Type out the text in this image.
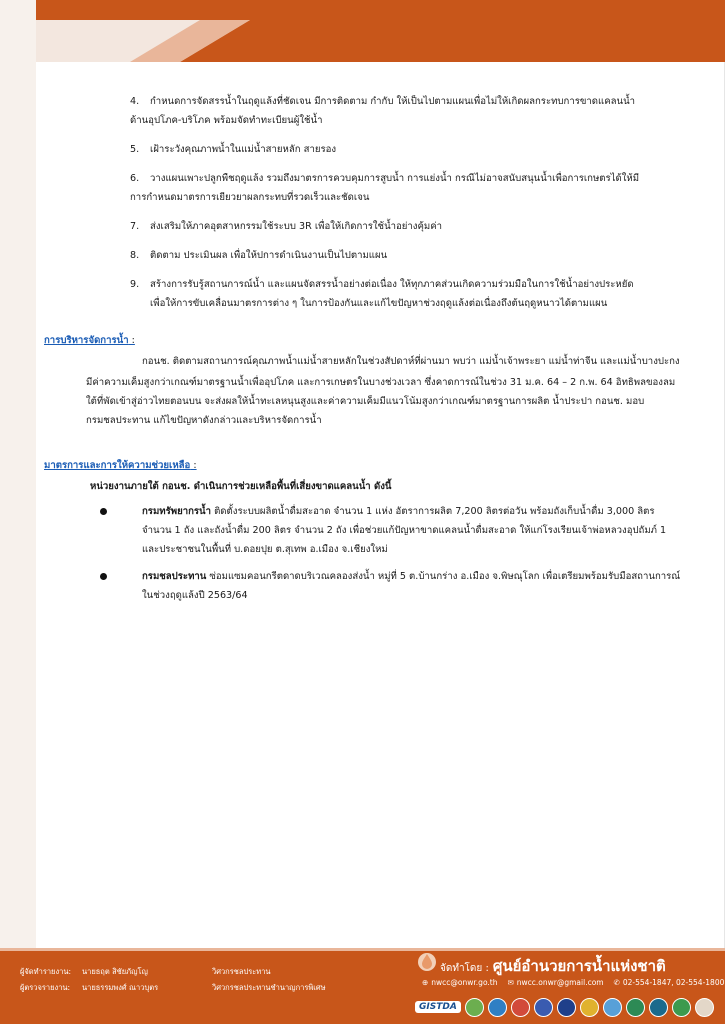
4. กำหนดการจัดสรรน้ำในฤดูแล้งที่ชัดเจน มีการติดตาม กำกับ ให้เป็นไปตามแผนเพื่อไม่ให้เกิดผลกระทบการขาดแคลนน้ำ
ด้านอุปโภค-บริโภค พร้อมจัดทำทะเบียนผู้ใช้น้ำ
5. เฝ้าระวังคุณภาพน้ำในแม่น้ำสายหลัก สายรอง
6. วางแผนเพาะปลูกพืชฤดูแล้ง รวมถึงมาตรการควบคุมการสูบน้ำ การแย่งน้ำ กรณีไม่อาจสนับสนุนน้ำเพื่อการเกษตรได้ให้มี
การกำหนดมาตรการเยียวยาผลกระทบที่รวดเร็วและชัดเจน
7. ส่งเสริมให้ภาคอุตสาหกรรมใช้ระบบ 3R เพื่อให้เกิดการใช้น้ำอย่างคุ้มค่า
8. ติดตาม ประเมินผล เพื่อให้ปการดำเนินงานเป็นไปตามแผน
9. สร้างการรับรู้สถานการณ์น้ำ และแผนจัดสรรน้ำอย่างต่อเนื่อง ให้ทุกภาคส่วนเกิดความร่วมมือในการใช้น้ำอย่างประหยัด
เพื่อให้การขับเคลื่อนมาตรการต่าง ๆ ในการป้องกันและแก้ไขปัญหาช่วงฤดูแล้งต่อเนื่องถึงต้นฤดูหนาวได้ตามแผน
การบริหารจัดการน้ำ :
กอนช. ติดตามสถานการณ์คุณภาพน้ำแม่น้ำสายหลักในช่วงสัปดาห์ที่ผ่านมา พบว่า แม่น้ำเจ้าพระยา แม่น้ำท่าจีน และแม่น้ำบางปะกง
มีค่าความเค็มสูงกว่าเกณฑ์มาตรฐานน้ำเพื่ออุปโภค และการเกษตรในบางช่วงเวลา ซึ่งคาดการณ์ในช่วง 31 ม.ค. 64 – 2 ก.พ. 64 อิทธิพลของลมใต้ที่พัดเข้าสู่อ่าวไทยตอนบน จะส่งผลให้น้ำทะเลหนุนสูงและค่าความเค็มมีแนวโน้มสูงกว่าเกณฑ์มาตรฐานการผลิต น้ำประปา กอนช. มอบกรมชลประทาน แก้ไขปัญหาดังกล่าวและบริหารจัดการน้ำ
มาตรการและการให้ความช่วยเหลือ :
หน่วยงานภายใต้ กอนช. ดำเนินการช่วยเหลือพื้นที่เสี่ยงขาดแคลนน้ำ ดังนี้
กรมทรัพยากรน้ำ ติดตั้งระบบผลิตน้ำดื่มสะอาด จำนวน 1 แห่ง อัตราการผลิต 7,200 ลิตรต่อวัน พร้อมถังเก็บน้ำดื่ม 3,000 ลิตร จำนวน 1 ถัง และถังน้ำดื่ม 200 ลิตร จำนวน 2 ถัง เพื่อช่วยแก้ปัญหาขาดแคลนน้ำดื่มสะอาด ให้แก่โรงเรียนเจ้าพ่อหลวงอุปถัมภ์ 1 และประชาชนในพื้นที่ บ.ดอยปุย ต.สุเทพ อ.เมือง จ.เชียงใหม่
กรมชลประทาน ซ่อมแซมคอนกรีตดาดบริเวณคลองส่งน้ำ หมู่ที่ 5 ต.บ้านกร่าง อ.เมือง จ.พิษณุโลก เพื่อเตรียมพร้อมรับมือสถานการณ์ในช่วงฤดูแล้งปี 2563/64
ผู้จัดทำรายงาน:	นายธฤต สิชัยภัญโญ	วิศวกรชลประทาน
ผู้ตรวจรายงาน:	นายธรรมพงศ์ ณาวบุตร	วิศวกรชลประทานชำนาญการพิเศษ
จัดทำโดย : ศูนย์อำนวยการน้ำแห่งชาติ
⊕ nwcc@onwr.go.th ✉ nwcc.onwr@gmail.com ✆ 02-554-1847, 02-554-1800
GISTDA
